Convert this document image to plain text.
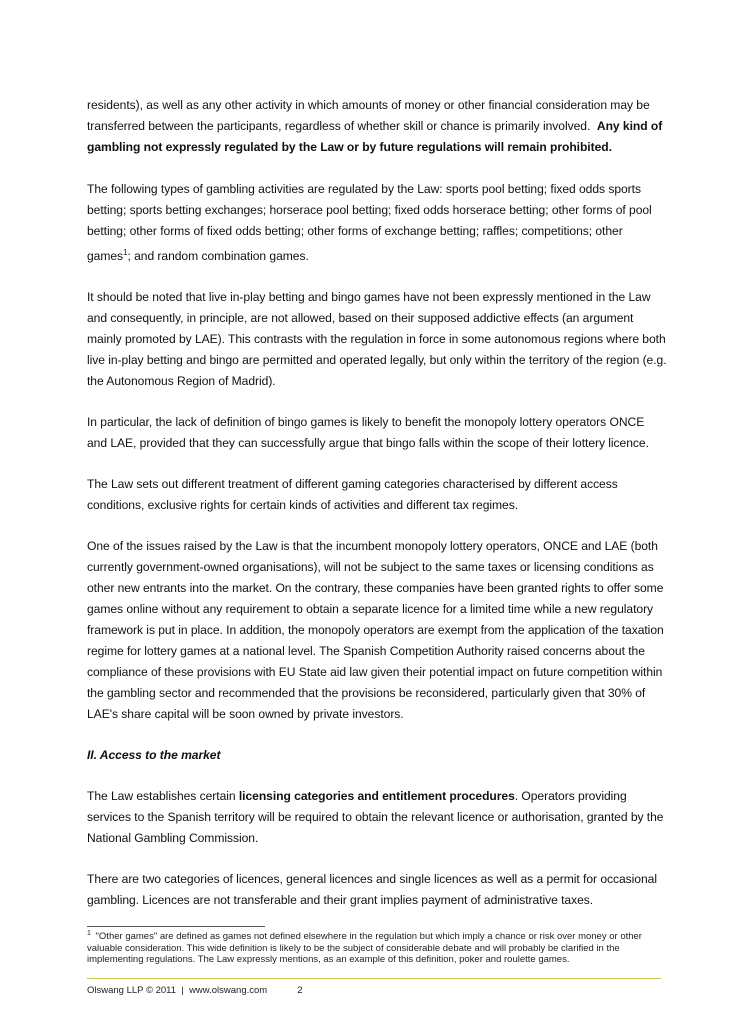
residents), as well as any other activity in which amounts of money or other financial consideration may be transferred between the participants, regardless of whether skill or chance is primarily involved. Any kind of gambling not expressly regulated by the Law or by future regulations will remain prohibited.

The following types of gambling activities are regulated by the Law: sports pool betting; fixed odds sports betting; sports betting exchanges; horserace pool betting; fixed odds horserace betting; other forms of pool betting; other forms of fixed odds betting; other forms of exchange betting; raffles; competitions; other games$^1$; and random combination games.

It should be noted that live in-play betting and bingo games have not been expressly mentioned in the Law and consequently, in principle, are not allowed, based on their supposed addictive effects (an argument mainly promoted by LAE). This contrasts with the regulation in force in some autonomous regions where both live in-play betting and bingo are permitted and operated legally, but only within the territory of the region (e.g. the Autonomous Region of Madrid).

In particular, the lack of definition of bingo games is likely to benefit the monopoly lottery operators ONCE and LAE, provided that they can successfully argue that bingo falls within the scope of their lottery licence.

The Law sets out different treatment of different gaming categories characterised by different access conditions, exclusive rights for certain kinds of activities and different tax regimes.

One of the issues raised by the Law is that the incumbent monopoly lottery operators, ONCE and LAE (both currently government-owned organisations), will not be subject to the same taxes or licensing conditions as other new entrants into the market. On the contrary, these companies have been granted rights to offer some games online without any requirement to obtain a separate licence for a limited time while a new regulatory framework is put in place. In addition, the monopoly operators are exempt from the application of the taxation regime for lottery games at a national level. The Spanish Competition Authority raised concerns about the compliance of these provisions with EU State aid law given their potential impact on future competition within the gambling sector and recommended that the provisions be reconsidered, particularly given that 30% of LAE's share capital will be soon owned by private investors.

II. Access to the market

The Law establishes certain licensing categories and entitlement procedures. Operators providing services to the Spanish territory will be required to obtain the relevant licence or authorisation, granted by the National Gambling Commission.

There are two categories of licences, general licences and single licences as well as a permit for occasional gambling. Licences are not transferable and their grant implies payment of administrative taxes.

$^1$ "Other games" are defined as games not defined elsewhere in the regulation but which imply a chance or risk over money or other valuable consideration. This wide definition is likely to be the subject of considerable debate and will probably be clarified in the implementing regulations. The Law expressly mentions, as an example of this definition, poker and roulette games.
Olswang LLP © 2011  |  www.olswang.com	2
